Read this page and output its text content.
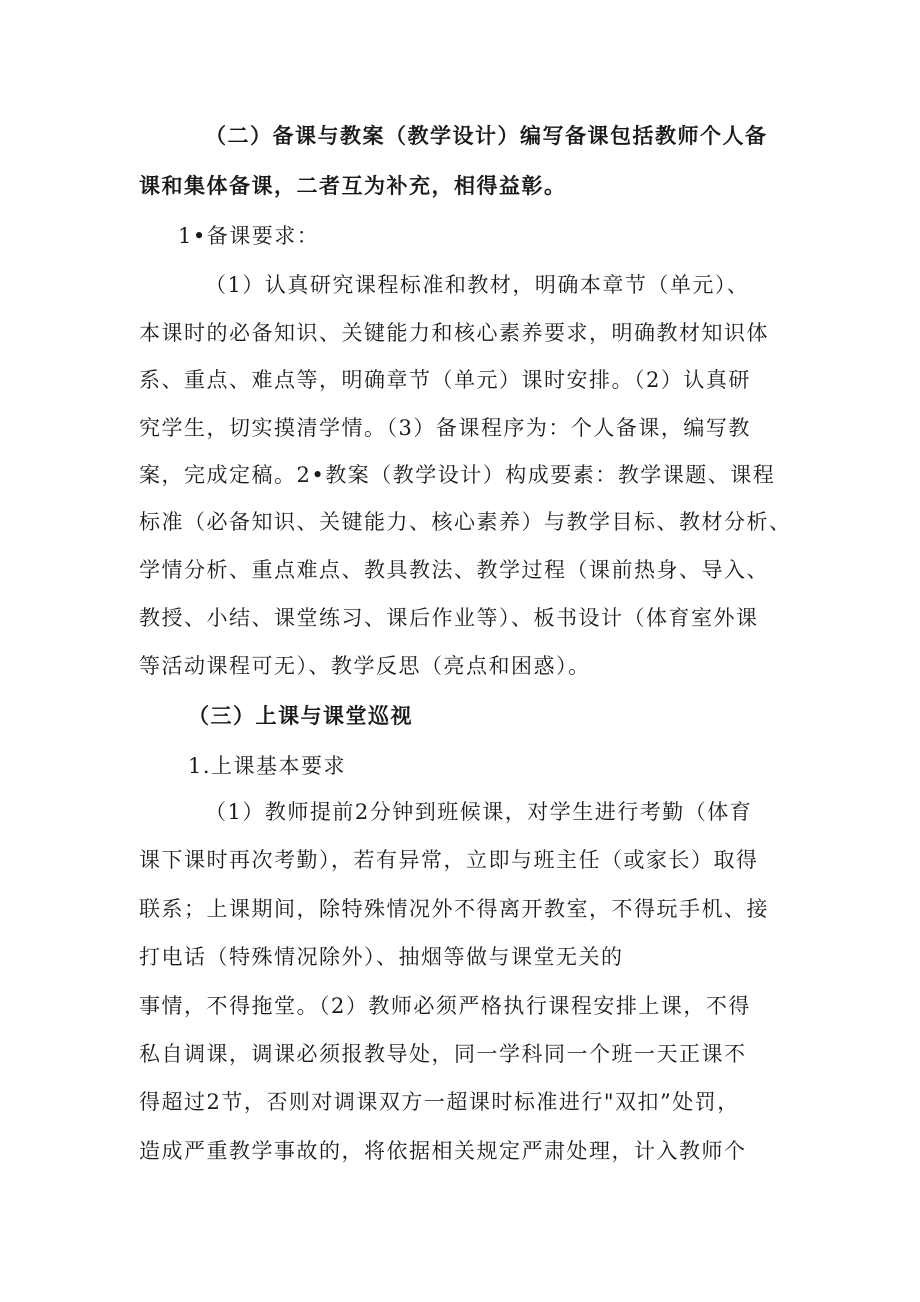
（二）备课与教案（教学设计）编写备课包括教师个人备
课和集体备课，二者互为补充，相得益彰。
1•备课要求：
（1）认真研究课程标准和教材，明确本章节（单元）、
本课时的必备知识、关键能力和核心素养要求，明确教材知识体
系、重点、难点等，明确章节（单元）课时安排。（2）认真研
究学生，切实摸清学情。（3）备课程序为：个人备课，编写教
案，完成定稿。2•教案（教学设计）构成要素：教学课题、课程
标准（必备知识、关键能力、核心素养）与教学目标、教材分析、
学情分析、重点难点、教具教法、教学过程（课前热身、导入、
教授、小结、课堂练习、课后作业等）、板书设计（体育室外课
等活动课程可无）、教学反思（亮点和困惑）。
（三）上课与课堂巡视
1.上课基本要求
（1）教师提前2分钟到班候课，对学生进行考勤（体育
课下课时再次考勤），若有异常，立即与班主任（或家长）取得
联系；上课期间，除特殊情况外不得离开教室，不得玩手机、接
打电话（特殊情况除外）、抽烟等做与课堂无关的
事情，不得拖堂。（2）教师必须严格执行课程安排上课，不得
私自调课，调课必须报教导处，同一学科同一个班一天正课不
得超过2节，否则对调课双方一超课时标准进行"双扣”处罚，
造成严重教学事故的，将依据相关规定严肃处理，计入教师个
